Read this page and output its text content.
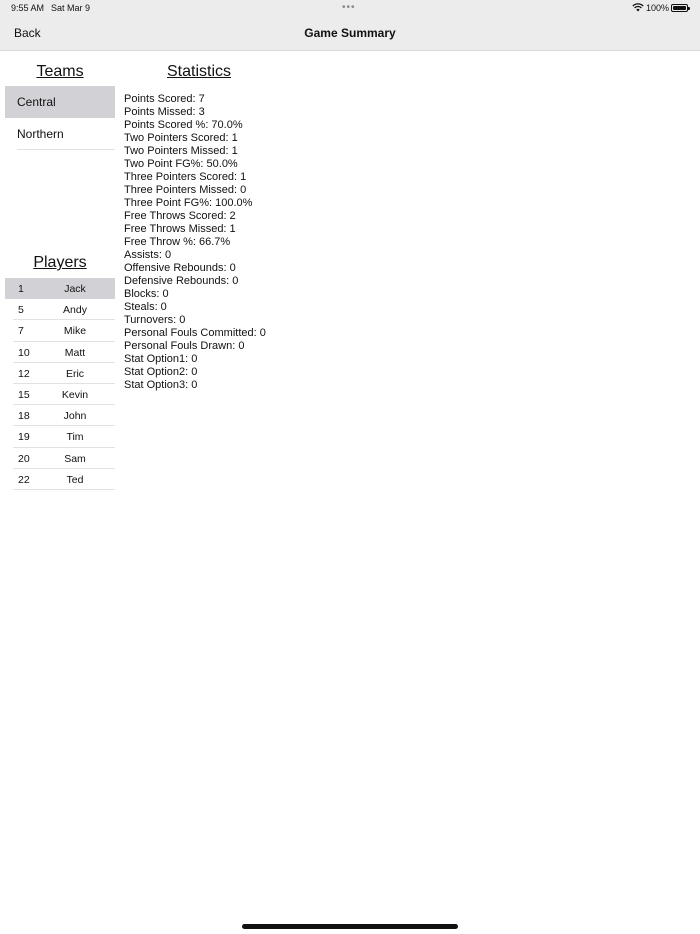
9:55 AM Sat Mar 9	•••	100%
Back	Game Summary
Teams
Central
Northern
Players
1	Jack
5	Andy
7	Mike
10	Matt
12	Eric
15	Kevin
18	John
19	Tim
20	Sam
22	Ted
Statistics
Points Scored: 7
Points Missed: 3
Points Scored %: 70.0%
Two Pointers Scored: 1
Two Pointers Missed: 1
Two Point FG%: 50.0%
Three Pointers Scored: 1
Three Pointers Missed: 0
Three Point FG%: 100.0%
Free Throws Scored: 2
Free Throws Missed: 1
Free Throw %: 66.7%
Assists: 0
Offensive Rebounds: 0
Defensive Rebounds: 0
Blocks: 0
Steals: 0
Turnovers: 0
Personal Fouls Committed: 0
Personal Fouls Drawn: 0
Stat Option1: 0
Stat Option2: 0
Stat Option3: 0
